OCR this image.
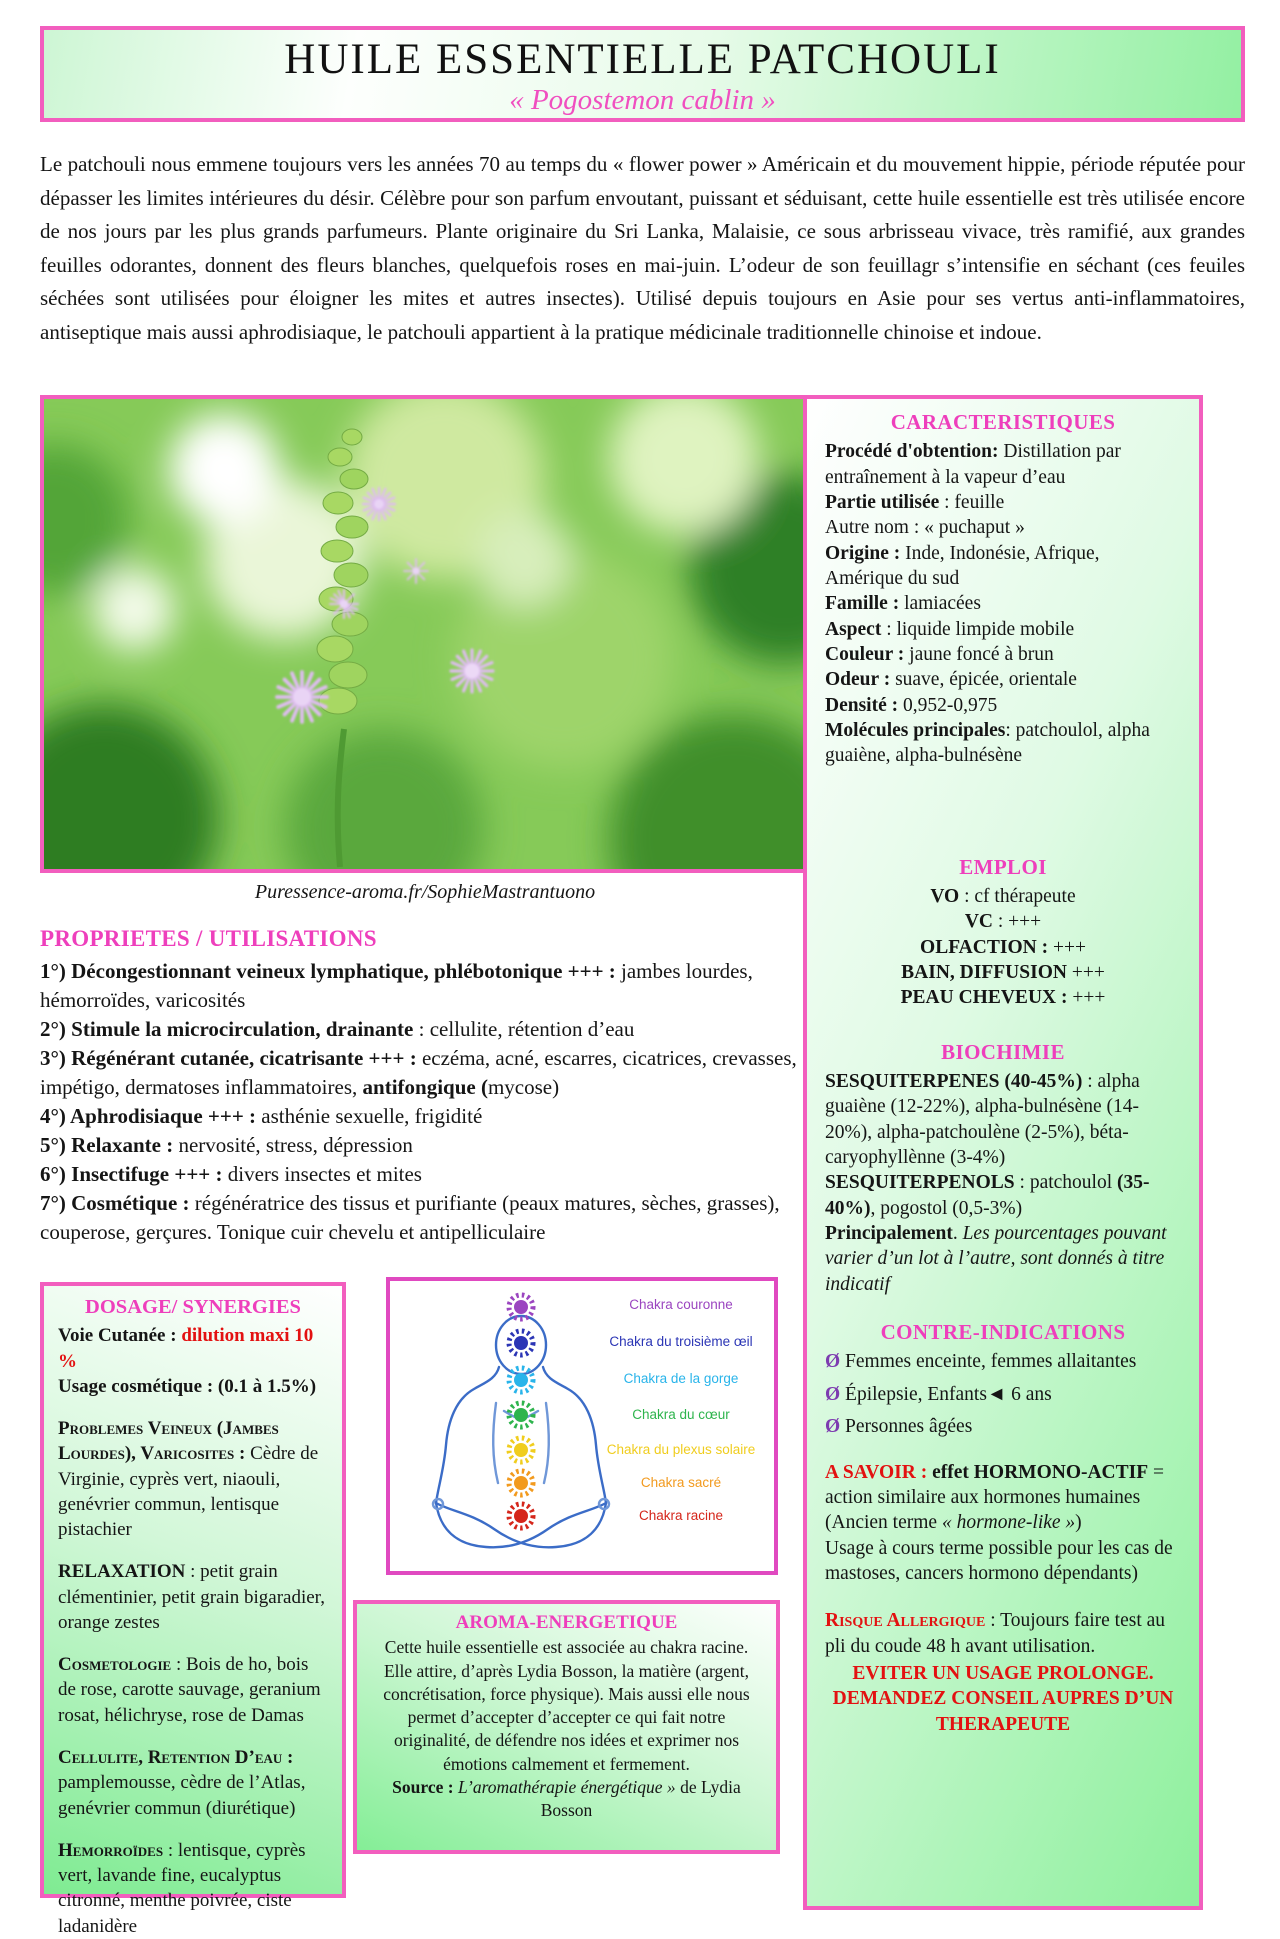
HUILE ESSENTIELLE PATCHOULI
« Pogostemon cablin »

Le patchouli nous emmene toujours vers les années 70 au temps du « flower power » Américain et du mouvement hippie, période réputée pour dépasser les limites intérieures du désir. Célèbre pour son parfum envoutant, puissant et séduisant, cette huile essentielle est très utilisée encore de nos jours par les plus grands parfumeurs. Plante originaire du Sri Lanka, Malaisie, ce sous arbrisseau vivace, très ramifié, aux grandes feuilles odorantes, donnent des fleurs blanches, quelquefois roses en mai-juin. L’odeur de son feuillagr s’intensifie en séchant (ces feuiles séchées sont utilisées pour éloigner les mites et autres insectes). Utilisé depuis toujours en Asie pour ses vertus anti-inflammatoires, antiseptique mais aussi aphrodisiaque, le patchouli appartient à la pratique médicinale traditionnelle chinoise et indoue.

Puressence-aroma.fr/SophieMastrantuono
PROPRIETES / UTILISATIONS
1°) Décongestionnant veineux lymphatique, phlébotonique +++ : jambes lourdes, hémorroïdes, varicosités
2°) Stimule la microcirculation, drainante : cellulite, rétention d’eau
3°) Régénérant cutanée, cicatrisante +++ : eczéma, acné, escarres, cicatrices, crevasses, impétigo, dermatoses inflammatoires, antifongique (mycose)
4°) Aphrodisiaque +++ : asthénie sexuelle, frigidité
5°) Relaxante : nervosité, stress, dépression
6°) Insectifuge +++ : divers insectes et mites
7°) Cosmétique : régénératrice des tissus et purifiante (peaux matures, sèches, grasses), couperose, gerçures. Tonique cuir chevelu et antipelliculaire
DOSAGE/ SYNERGIES
Voie Cutanée : dilution maxi 10 %
Usage cosmétique : (0.1 à 1.5%)
Problemes Veineux (Jambes Lourdes), Varicosites : Cèdre de Virginie, cyprès vert, niaouli, genévrier commun, lentisque pistachier
RELAXATION : petit grain clémentinier, petit grain bigaradier, orange zestes
Cosmetologie : Bois de ho, bois de rose, carotte sauvage, geranium rosat, hélichryse, rose de Damas
Cellulite, Retention D’eau : pamplemousse, cèdre de l’Atlas, genévrier commun (diurétique)
Hemorroïdes : lentisque, cyprès vert, lavande fine, eucalyptus citronné, menthe poivrée, ciste ladanidère
Chakra couronne
Chakra du troisième œil
Chakra de la gorge
Chakra du cœur
Chakra du plexus solaire
Chakra sacré
Chakra racine
AROMA-ENERGETIQUE

Cette huile essentielle est associée au chakra racine. Elle attire, d’après Lydia Bosson, la matière (argent, concrétisation, force physique). Mais aussi elle nous permet d’accepter d’accepter ce qui fait notre originalité, de défendre nos idées et exprimer nos émotions calmement et fermement.

Source : L’aromathérapie énergétique » de Lydia Bosson

CARACTERISTIQUES
Procédé d'obtention: Distillation par entraînement à la vapeur d’eau
Partie utilisée : feuille
Autre nom : « puchaput »
Origine : Inde, Indonésie, Afrique, Amérique du sud
Famille : lamiacées
Aspect : liquide limpide mobile
Couleur : jaune foncé à brun
Odeur : suave, épicée, orientale
Densité : 0,952-0,975
Molécules principales: patchoulol, alpha guaiène, alpha-bulnésène
EMPLOI
VO : cf thérapeute
VC : +++
OLFACTION : +++
BAIN, DIFFUSION +++
PEAU CHEVEUX : +++
BIOCHIMIE
SESQUITERPENES (40-45%) : alpha guaiène (12-22%), alpha-bulnésène (14-20%), alpha-patchoulène (2-5%), béta-caryophyllènne (3-4%)
SESQUITERPENOLS : patchoulol (35-40%), pogostol (0,5-3%)
Principalement. Les pourcentages pouvant varier d’un lot à l’autre, sont donnés à titre indicatif
CONTRE-INDICATIONS
Ø Femmes enceinte, femmes allaitantes
Ø Épilepsie, Enfants◄ 6 ans
Ø Personnes âgées

A SAVOIR : effet HORMONO-ACTIF = action similaire aux hormones humaines (Ancien terme « hormone-like »)

Usage à cours terme possible pour les cas de mastoses, cancers hormono dépendants)

Risque Allergique : Toujours faire test au pli du coude 48 h avant utilisation.

EVITER UN USAGE PROLONGE. DEMANDEZ CONSEIL AUPRES D’UN THERAPEUTE
